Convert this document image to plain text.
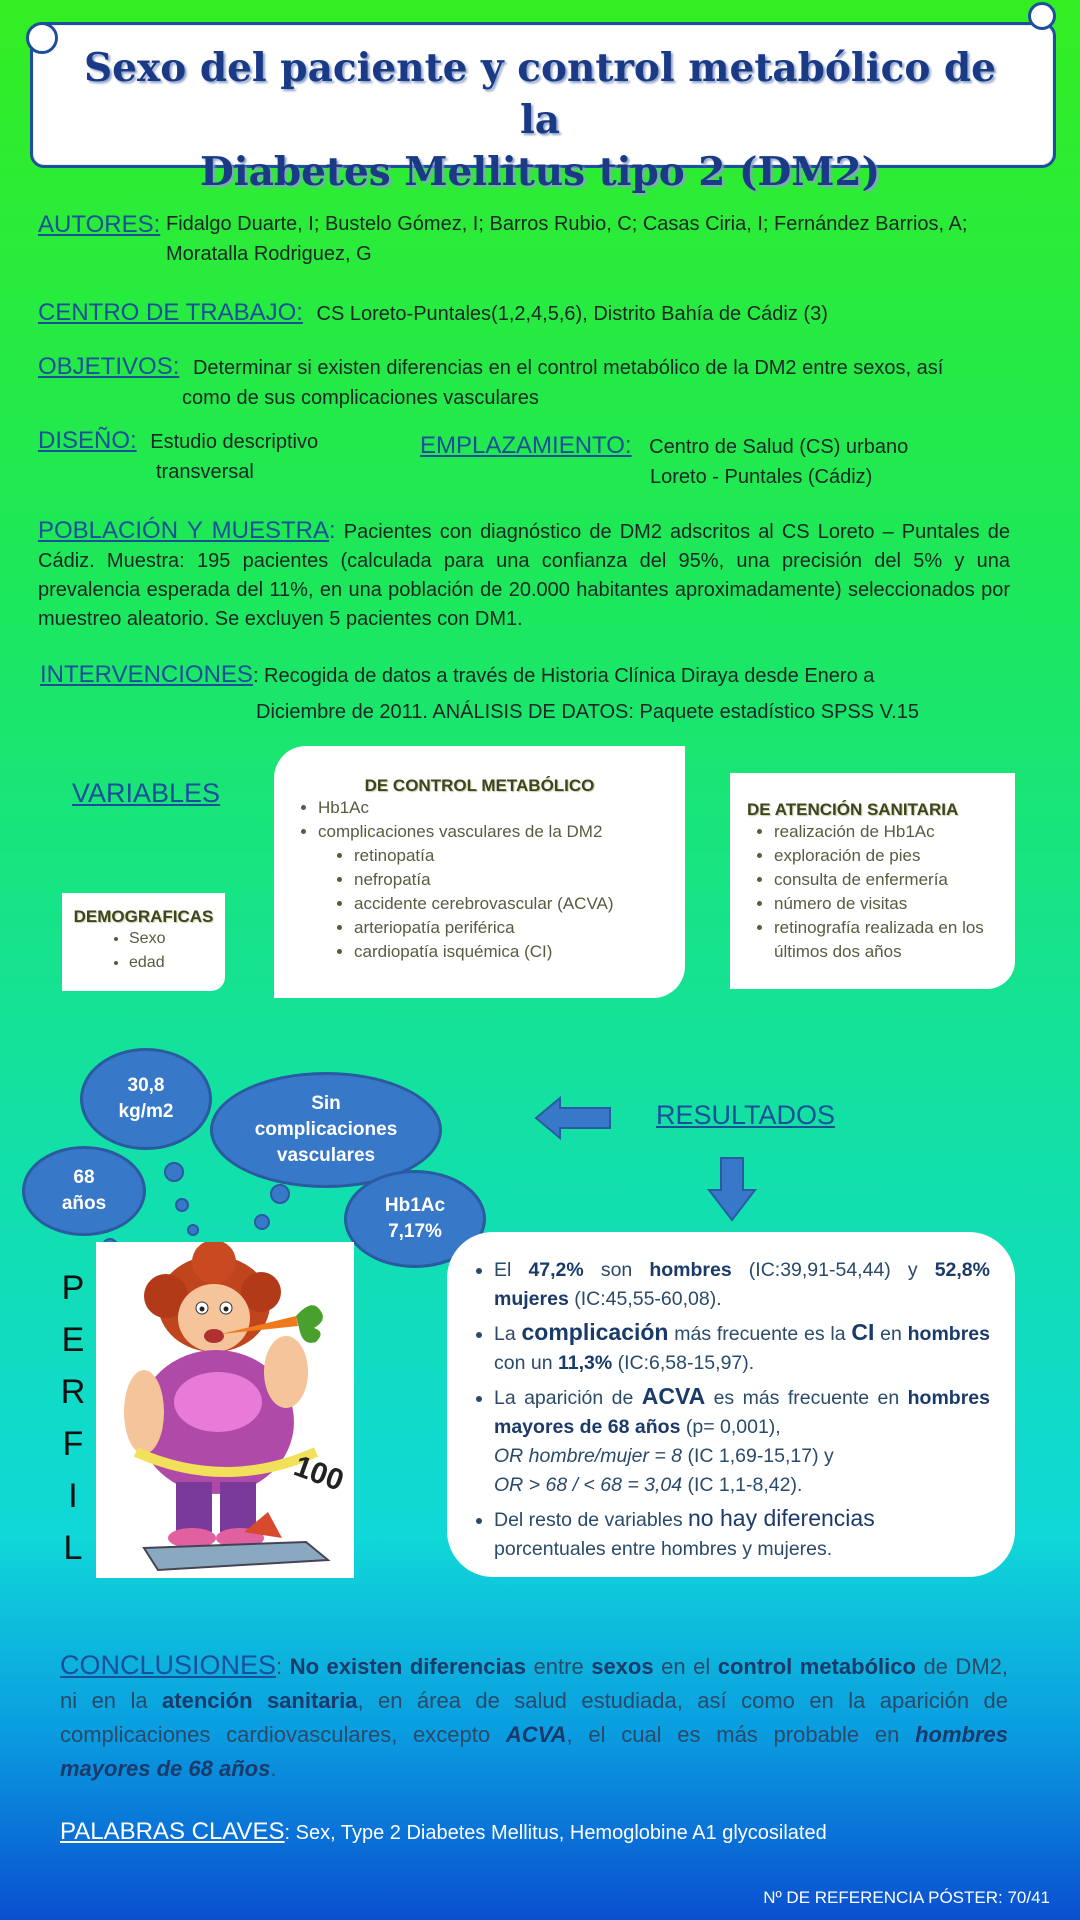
Sexo del paciente y control metabólico de la
Diabetes Mellitus tipo 2 (DM2)
AUTORES: Fidalgo Duarte, I; Bustelo Gómez, I; Barros Rubio, C; Casas Ciria, I; Fernández Barrios, A;
Moratalla Rodriguez, G
CENTRO DE TRABAJO: CS Loreto-Puntales(1,2,4,5,6), Distrito Bahía de Cádiz (3)
OBJETIVOS: Determinar si existen diferencias en el control metabólico de la DM2 entre sexos, así
como de sus complicaciones vasculares
DISEÑO: Estudio descriptivo
transversal
EMPLAZAMIENTO: Centro de Salud (CS) urbano
Loreto - Puntales (Cádiz)
POBLACIÓN Y MUESTRA: Pacientes con diagnóstico de DM2 adscritos al CS Loreto – Puntales de Cádiz. Muestra: 195 pacientes (calculada para una confianza del 95%, una precisión del 5% y una prevalencia esperada del 11%, en una población de 20.000 habitantes aproximadamente) seleccionados por muestreo aleatorio. Se excluyen 5 pacientes con DM1.
INTERVENCIONES: Recogida de datos a través de Historia Clínica Diraya desde Enero a
Diciembre de 2011. ANÁLISIS DE DATOS: Paquete estadístico SPSS V.15
VARIABLES
DEMOGRAFICAS
• Sexo
• edad
DE CONTROL METABÓLICO
• Hb1Ac
• complicaciones vasculares de la DM2
• retinopatía
• nefropatía
• accidente cerebrovascular (ACVA)
• arteriopatía periférica
• cardiopatía isquémica (CI)
DE ATENCIÓN SANITARIA
• realización de Hb1Ac
• exploración de pies
• consulta de enfermería
• número de visitas
• retinografía realizada en los últimos dos años
30,8 kg/m2	Sin complicaciones vasculares
68 años	Hb1Ac 7,17%
P
E
R
F
I
L
100
RESULTADOS
• El 47,2% son hombres (IC:39,91-54,44) y 52,8% mujeres (IC:45,55-60,08).
• La complicación más frecuente es la CI en hombres con un 11,3% (IC:6,58-15,97).
• La aparición de ACVA es más frecuente en hombres mayores de 68 años (p= 0,001),
OR hombre/mujer = 8 (IC 1,69-15,17) y
OR > 68 / < 68 = 3,04 (IC 1,1-8,42).
• Del resto de variables no hay diferencias
porcentuales entre hombres y mujeres.
CONCLUSIONES: No existen diferencias entre sexos en el control metabólico de DM2, ni en la atención sanitaria, en área de salud estudiada, así como en la aparición de complicaciones cardiovasculares, excepto ACVA, el cual es más probable en hombres mayores de 68 años.
PALABRAS CLAVES: Sex, Type 2 Diabetes Mellitus, Hemoglobine A1 glycosilated
Nº DE REFERENCIA PÓSTER: 70/41
